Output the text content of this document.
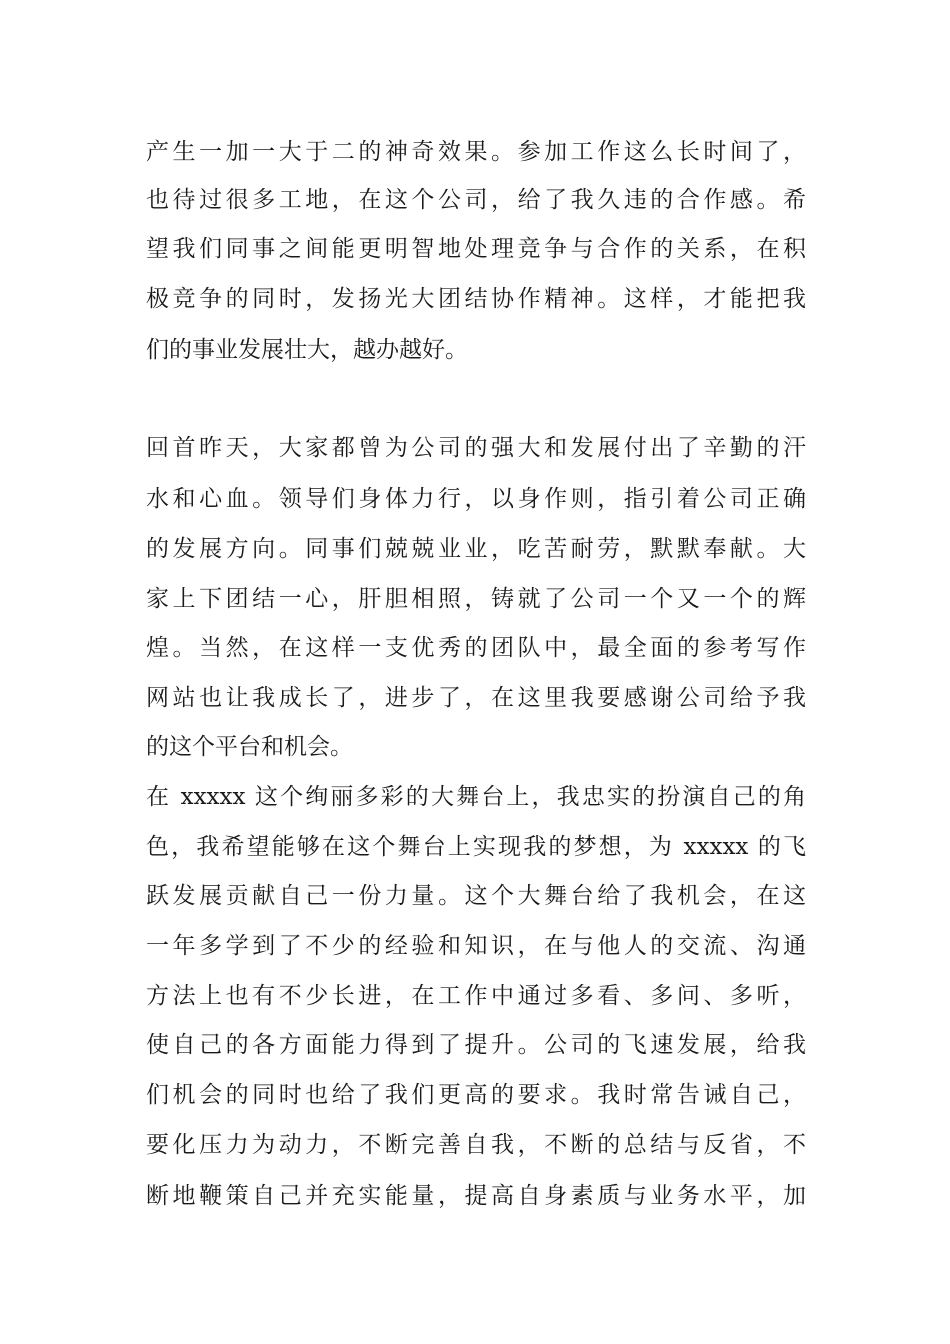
产生一加一大于二的神奇效果。参加工作这么长时间了，
也待过很多工地，在这个公司，给了我久违的合作感。希
望我们同事之间能更明智地处理竞争与合作的关系，在积
极竞争的同时，发扬光大团结协作精神。这样，才能把我
们的事业发展壮大，越办越好。
回首昨天，大家都曾为公司的强大和发展付出了辛勤的汗
水和心血。领导们身体力行，以身作则，指引着公司正确
的发展方向。同事们兢兢业业，吃苦耐劳，默默奉献。大
家上下团结一心，肝胆相照，铸就了公司一个又一个的辉
煌。当然，在这样一支优秀的团队中，最全面的参考写作
网站也让我成长了，进步了，在这里我要感谢公司给予我
的这个平台和机会。
在 xxxxx 这个绚丽多彩的大舞台上，我忠实的扮演自己的角
色，我希望能够在这个舞台上实现我的梦想，为 xxxxx 的飞
跃发展贡献自己一份力量。这个大舞台给了我机会，在这
一年多学到了不少的经验和知识，在与他人的交流、沟通
方法上也有不少长进，在工作中通过多看、多问、多听，
使自己的各方面能力得到了提升。公司的飞速发展，给我
们机会的同时也给了我们更高的要求。我时常告诫自己，
要化压力为动力，不断完善自我，不断的总结与反省，不
断地鞭策自己并充实能量，提高自身素质与业务水平，加
